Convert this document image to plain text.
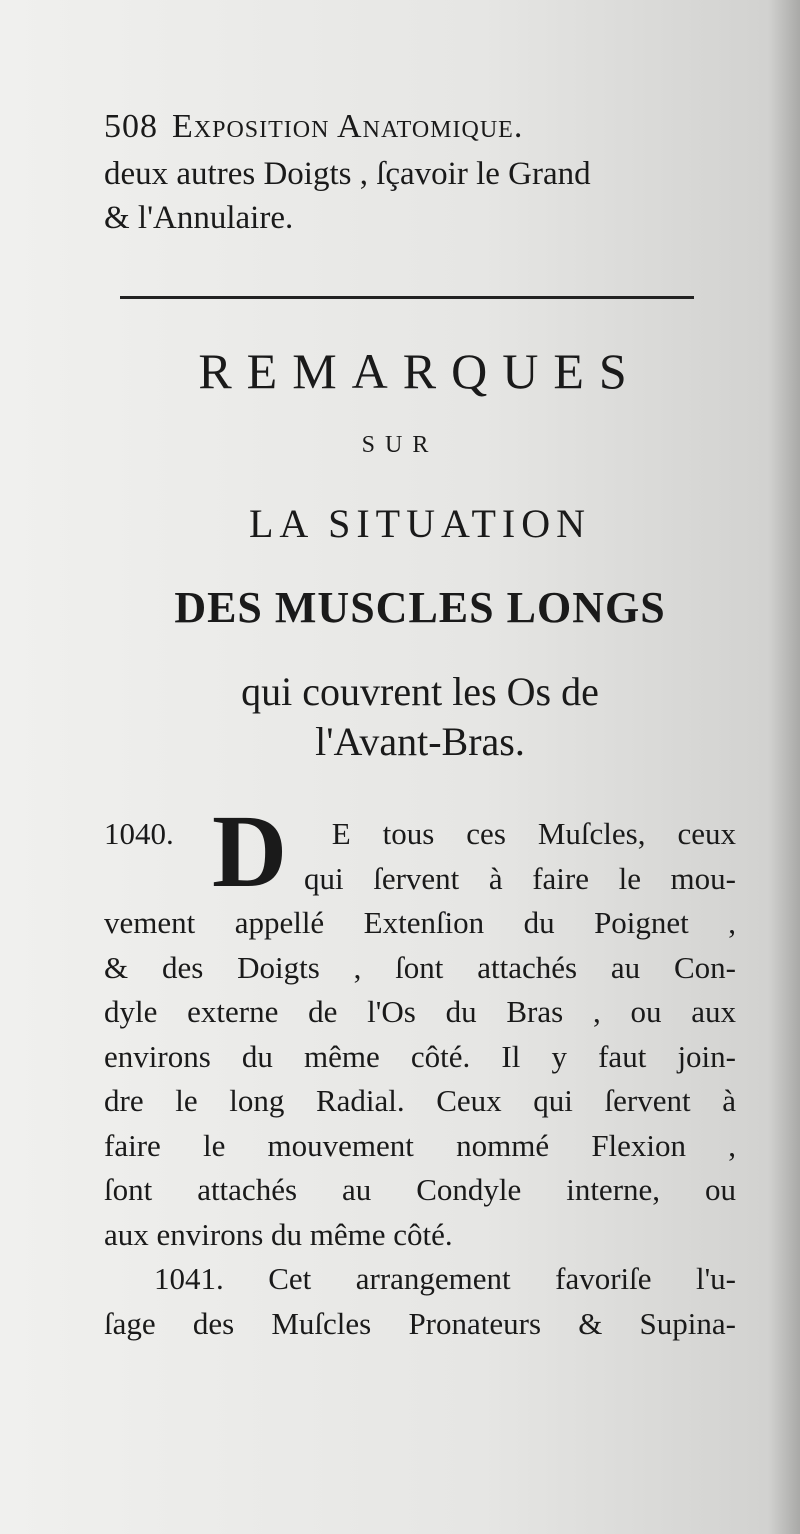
508 Exposition Anatomique.
deux autres Doigts , ſçavoir le Grand
& l'Annulaire.
REMARQUES
SUR
LA SITUATION
DES MUSCLES LONGS
qui couvrent les Os de
l'Avant-Bras.
1040. D E tous ces Muſcles, ceux
qui ſervent à faire le mou-
vement appellé Extenſion du Poignet ,
& des Doigts , ſont attachés au Con-
dyle externe de l'Os du Bras , ou aux
environs du même côté. Il y faut join-
dre le long Radial. Ceux qui ſervent à
faire le mouvement nommé Flexion ,
ſont attachés au Condyle interne, ou
aux environs du même côté.
1041. Cet arrangement favoriſe l'u-
ſage des Muſcles Pronateurs & Supina-
